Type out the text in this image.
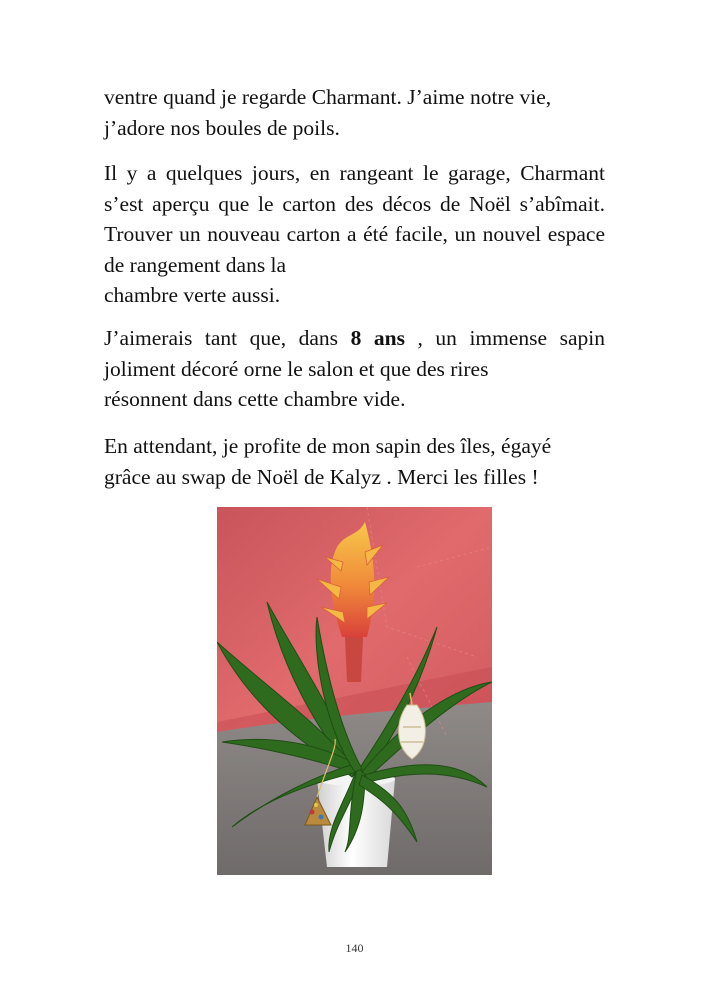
ventre quand je regarde Charmant. J’aime notre vie,
j’adore nos boules de poils.

Il y a quelques jours, en rangeant le garage, Charmant s’est aperçu que le carton des décos de Noël s’abîmait. Trouver un nouveau carton a été facile, un nouvel espace de rangement dans la
chambre verte aussi.

J’aimerais tant que, dans 8 ans , un immense sapin joliment décoré orne le salon et que des rires
résonnent dans cette chambre vide.

En attendant, je profite de mon sapin des îles, égayé
grâce au swap de Noël de Kalyz . Merci les filles !

140
